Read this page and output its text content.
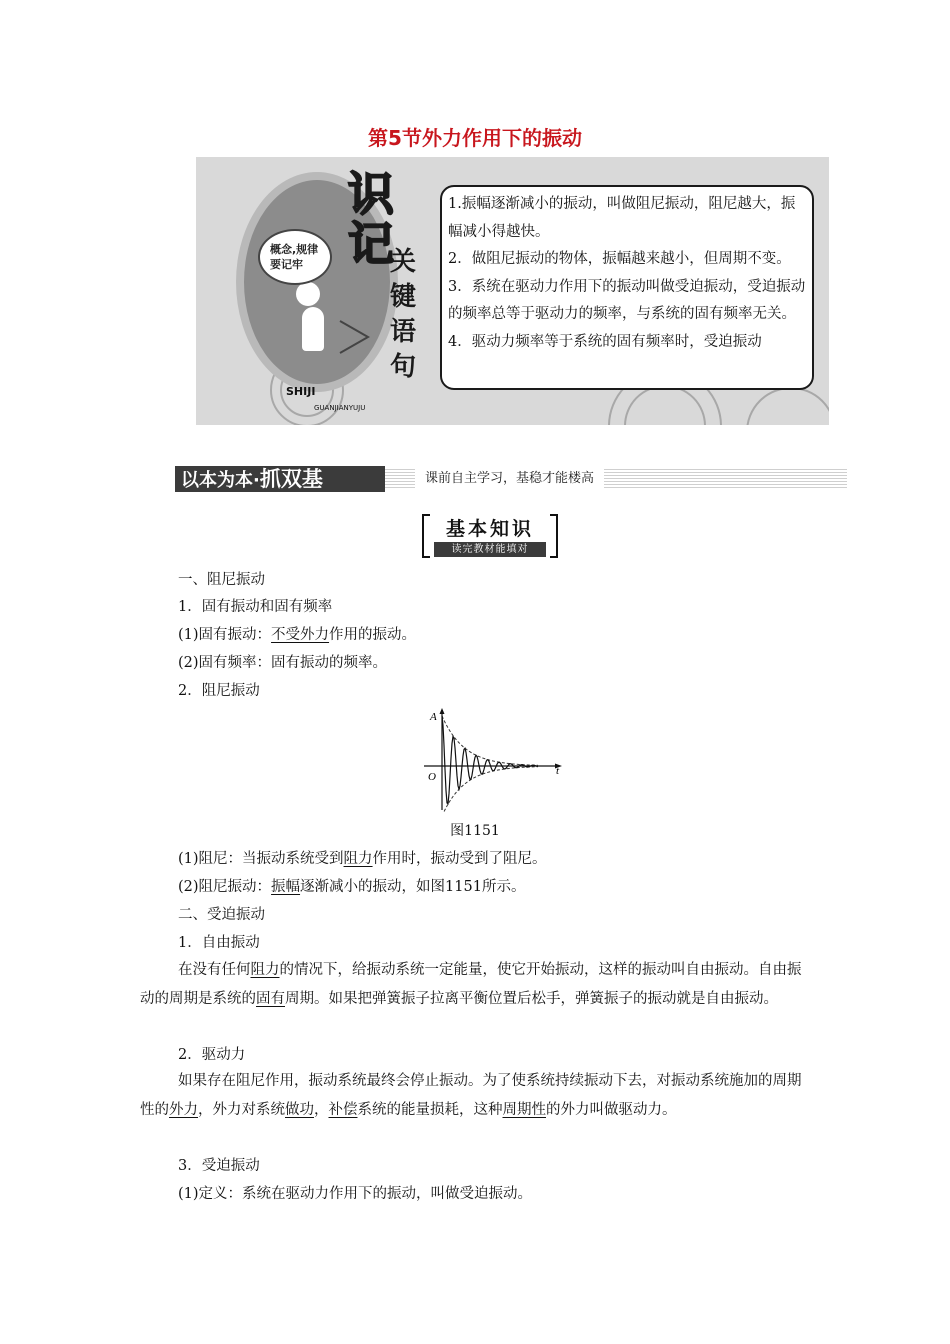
第5节外力作用下的振动
概念,规律
要记牢
识
记
关
键
语
句
SHIJI
GUANJIANYUJU

1.振幅逐渐减小的振动，叫做阻尼振动，阻尼越大，振幅减小得越快。

2．做阻尼振动的物体，振幅越来越小，但周期不变。

3．系统在驱动力作用下的振动叫做受迫振动，受迫振动的频率总等于驱动力的频率，与系统的固有频率无关。

4．驱动力频率等于系统的固有频率时，受迫振动

以本为本·抓双基	课前自主学习，基稳才能楼高
基本知识
读完教材能填对
一、阻尼振动
1．固有振动和固有频率
(1)固有振动：不受外力作用的振动。
(2)固有频率：固有振动的频率。
2．阻尼振动
A
O	t
图1151
(1)阻尼：当振动系统受到阻力作用时，振动受到了阻尼。
(2)阻尼振动：振幅逐渐减小的振动，如图1151所示。
二、受迫振动
1．自由振动
在没有任何阻力的情况下，给振动系统一定能量，使它开始振动，这样的振动叫自由振动。自由振动的周期是系统的固有周期。如果把弹簧振子拉离平衡位置后松手，弹簧振子的振动就是自由振动。
2．驱动力
如果存在阻尼作用，振动系统最终会停止振动。为了使系统持续振动下去，对振动系统施加的周期性的外力，外力对系统做功，补偿系统的能量损耗，这种周期性的外力叫做驱动力。
3．受迫振动
(1)定义：系统在驱动力作用下的振动，叫做受迫振动。
